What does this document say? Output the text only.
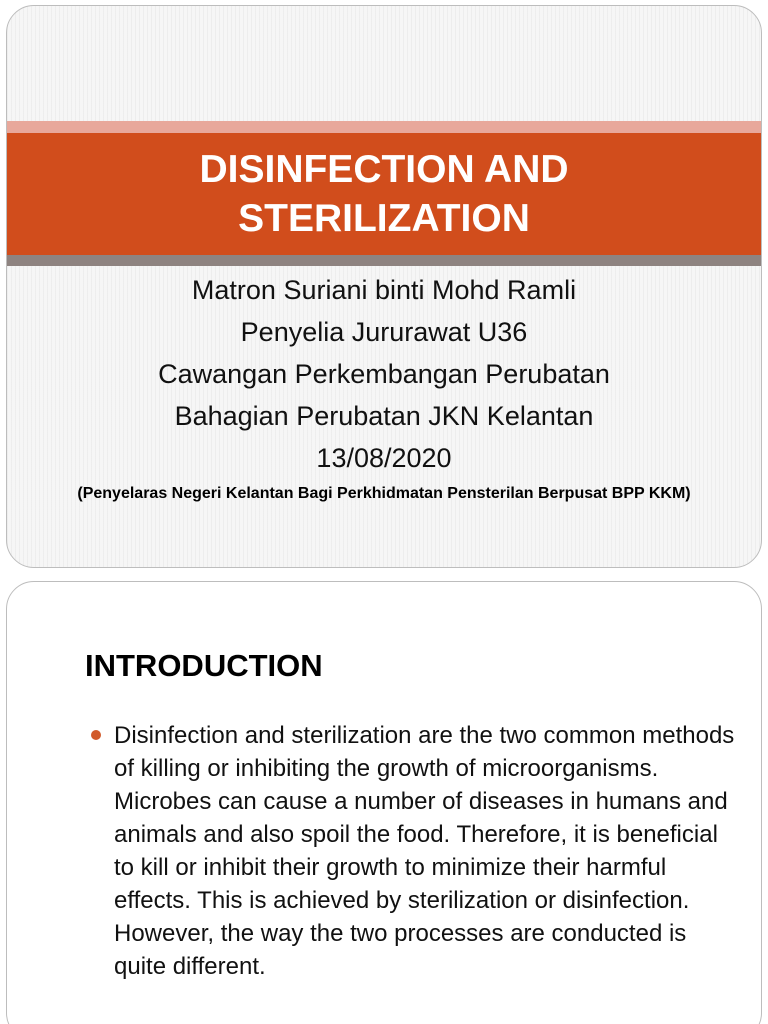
DISINFECTION AND
STERILIZATION
Matron Suriani binti Mohd Ramli
Penyelia Jururawat U36
Cawangan Perkembangan Perubatan
Bahagian Perubatan JKN Kelantan
13/08/2020
(Penyelaras Negeri Kelantan Bagi Perkhidmatan Pensterilan Berpusat BPP KKM)
INTRODUCTION
Disinfection and sterilization are the two common methods of killing or inhibiting the growth of microorganisms. Microbes can cause a number of diseases in humans and animals and also spoil the food. Therefore, it is beneficial to kill or inhibit their growth to minimize their harmful effects. This is achieved by sterilization or disinfection. However, the way the two processes are conducted is quite different.
